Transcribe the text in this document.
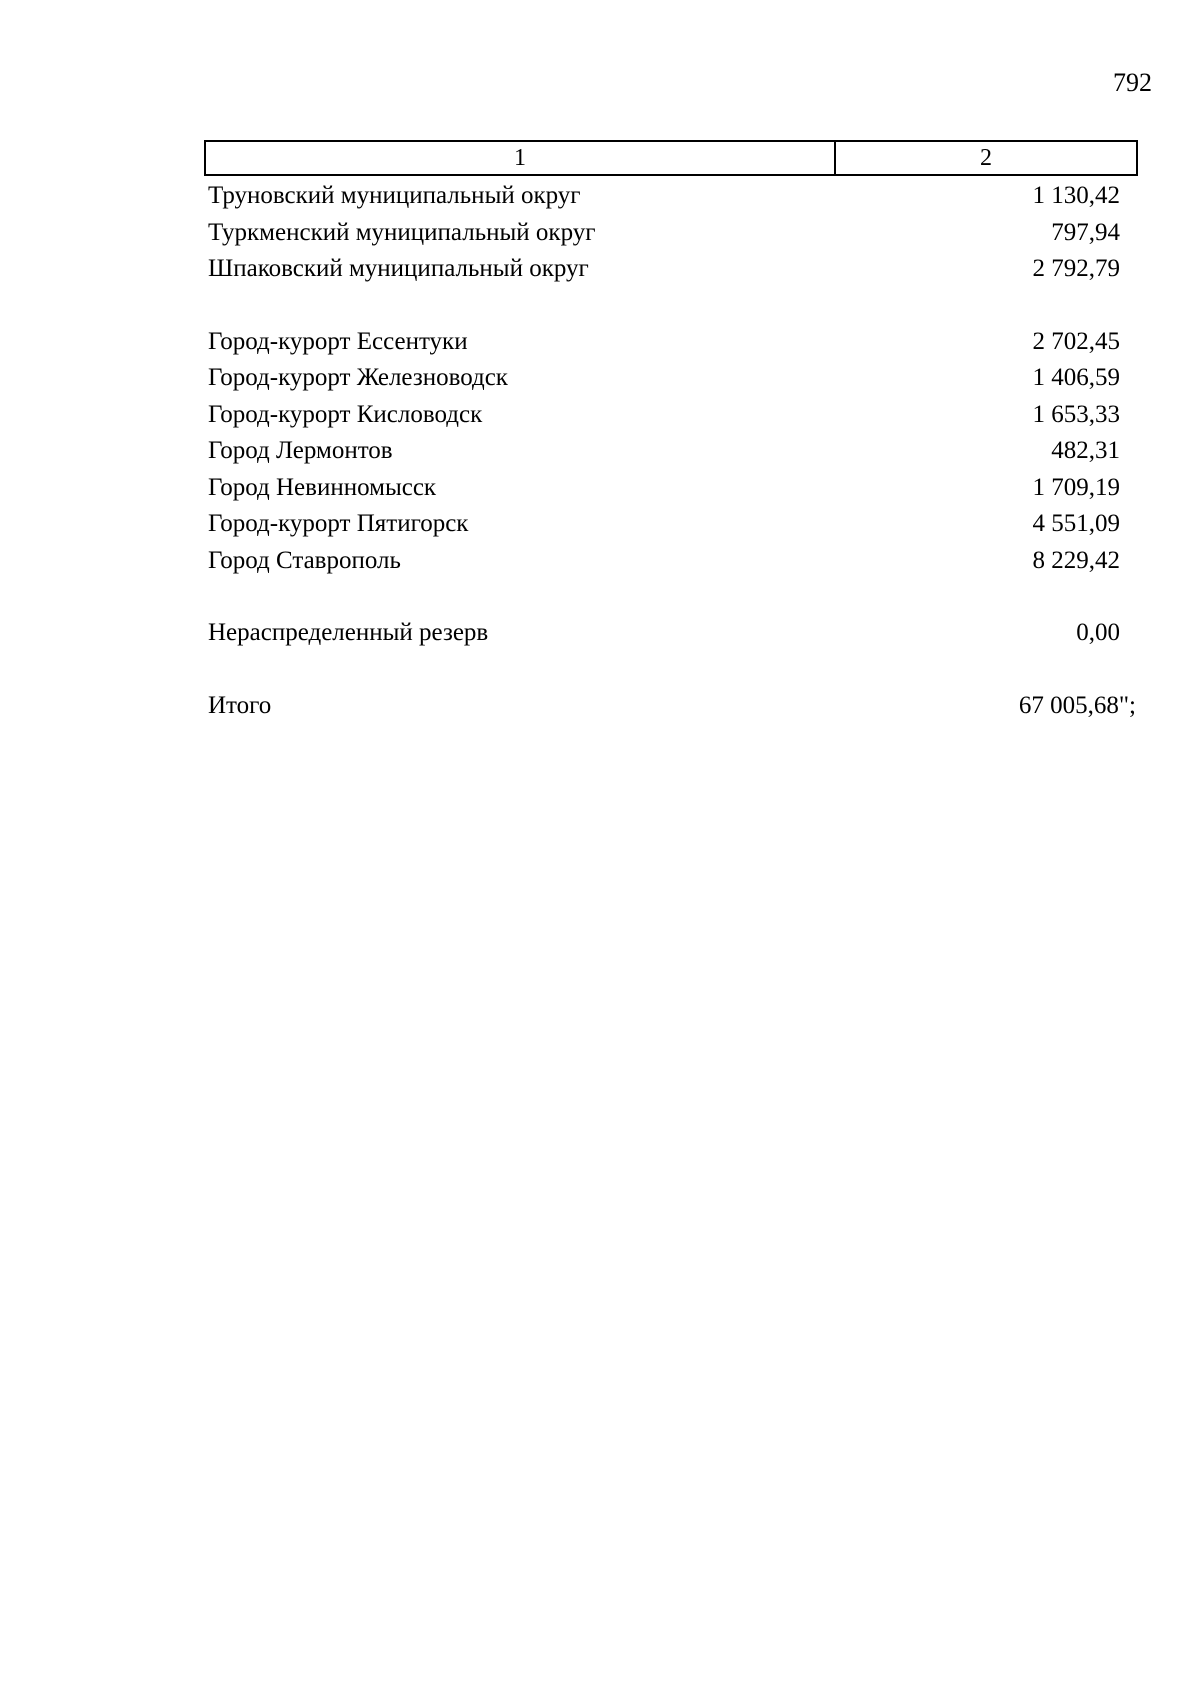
792
1	2
Труновский муниципальный округ	1 130,42
Туркменский муниципальный округ	797,94
Шпаковский муниципальный округ	2 792,79
Город-курорт Ессентуки	2 702,45
Город-курорт Железноводск	1 406,59
Город-курорт Кисловодск	1 653,33
Город Лермонтов	482,31
Город Невинномысск	1 709,19
Город-курорт Пятигорск	4 551,09
Город Ставрополь	8 229,42
Нераспределенный резерв	0,00
Итого	67 005,68";
